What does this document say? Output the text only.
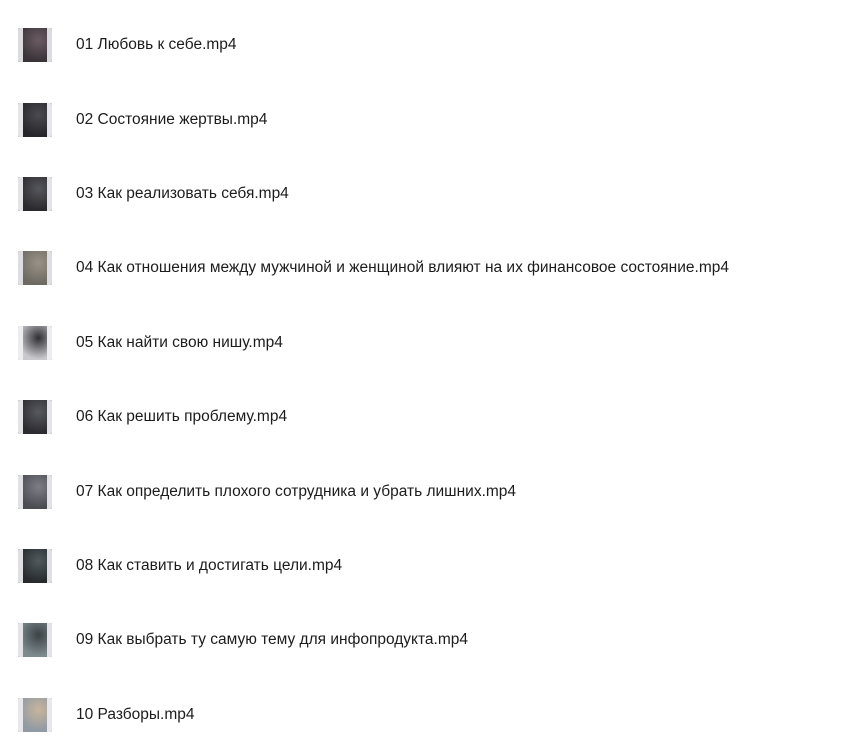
01 Любовь к себе.mp4
02 Состояние жертвы.mp4
03 Как реализовать себя.mp4
04 Как отношения между мужчиной и женщиной влияют на их финансовое состояние.mp4
05 Как найти свою нишу.mp4
06 Как решить проблему.mp4
07 Как определить плохого сотрудника и убрать лишних.mp4
08 Как ставить и достигать цели.mp4
09 Как выбрать ту самую тему для инфопродукта.mp4
10 Разборы.mp4
